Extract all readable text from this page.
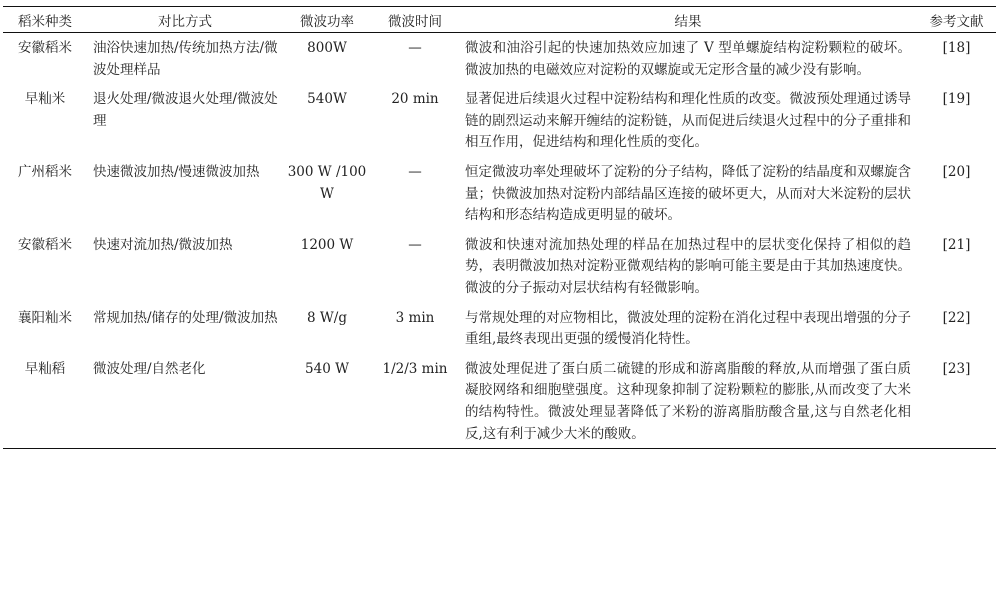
稻米种类	对比方式	微波功率	微波时间	结果	参考文献
安徽稻米	油浴快速加热/传统加热方法/微波处理样品	800W	—	微波和油浴引起的快速加热效应加速了 V 型单螺旋结构淀粉颗粒的破坏。微波加热的电磁效应对淀粉的双螺旋或无定形含量的减少没有影响。	[18]
早籼米	退火处理/微波退火处理/微波处理	540W	20 min	显著促进后续退火过程中淀粉结构和理化性质的改变。微波预处理通过诱导链的剧烈运动来解开缠结的淀粉链，从而促进后续退火过程中的分子重排和相互作用，促进结构和理化性质的变化。	[19]
广州稻米	快速微波加热/慢速微波加热	300 W /100 W	—	恒定微波功率处理破坏了淀粉的分子结构，降低了淀粉的结晶度和双螺旋含量；快微波加热对淀粉内部结晶区连接的破坏更大，从而对大米淀粉的层状结构和形态结构造成更明显的破坏。	[20]
安徽稻米	快速对流加热/微波加热	1200 W	—	微波和快速对流加热处理的样品在加热过程中的层状变化保持了相似的趋势，表明微波加热对淀粉亚微观结构的影响可能主要是由于其加热速度快。微波的分子振动对层状结构有轻微影响。	[21]
襄阳籼米	常规加热/储存的处理/微波加热	8 W/g	3 min	与常规处理的对应物相比，微波处理的淀粉在消化过程中表现出增强的分子重组,最终表现出更强的缓慢消化特性。	[22]
早籼稻	微波处理/自然老化	540 W	1/2/3 min	微波处理促进了蛋白质二硫键的形成和游离脂酸的释放,从而增强了蛋白质凝胶网络和细胞壁强度。这种现象抑制了淀粉颗粒的膨胀,从而改变了大米的结构特性。微波处理显著降低了米粉的游离脂肪酸含量,这与自然老化相反,这有利于减少大米的酸败。	[23]
